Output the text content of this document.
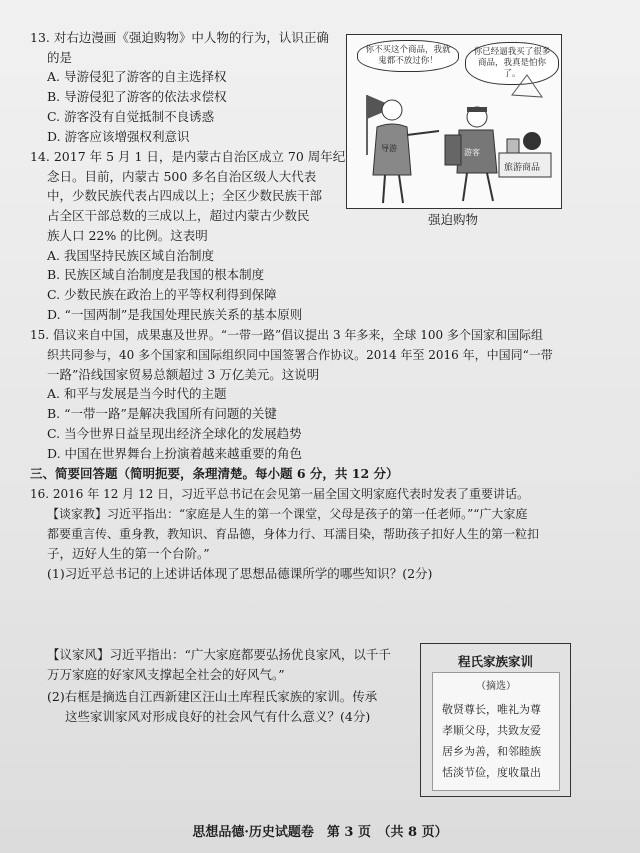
13. 对右边漫画《强迫购物》中人物的行为，认识正确
的是
A. 导游侵犯了游客的自主选择权
B. 导游侵犯了游客的依法求偿权
C. 游客没有自觉抵制不良诱惑
D. 游客应该增强权利意识
你不买这个商品，我就鬼都不放过你！
你已经逼我买了很多商品，我真是怕你了。
导游	游客
旅游商品
强迫购物
14. 2017 年 5 月 1 日，是内蒙古自治区成立 70 周年纪
念日。目前，内蒙古 500 多名自治区级人大代表
中，少数民族代表占四成以上；全区少数民族干部
占全区干部总数的三成以上，超过内蒙古少数民
族人口 22% 的比例。这表明
A. 我国坚持民族区域自治制度
B. 民族区域自治制度是我国的根本制度
C. 少数民族在政治上的平等权利得到保障
D. “一国两制”是我国处理民族关系的基本原则
15. 倡议来自中国，成果惠及世界。“一带一路”倡议提出 3 年多来，全球 100 多个国家和国际组
织共同参与，40 多个国家和国际组织同中国签署合作协议。2014 年至 2016 年，中国同“一带
一路”沿线国家贸易总额超过 3 万亿美元。这说明
A. 和平与发展是当今时代的主题
B. “一带一路”是解决我国所有问题的关键
C. 当今世界日益呈现出经济全球化的发展趋势
D. 中国在世界舞台上扮演着越来越重要的角色
三、简要回答题（简明扼要，条理清楚。每小题 6 分，共 12 分）
16. 2016 年 12 月 12 日，习近平总书记在会见第一届全国文明家庭代表时发表了重要讲话。
【谈家教】习近平指出：“家庭是人生的第一个课堂，父母是孩子的第一任老师。”“广大家庭
都要重言传、重身教，教知识、育品德，身体力行、耳濡目染，帮助孩子扣好人生的第一粒扣
子，迈好人生的第一个台阶。”
(1)习近平总书记的上述讲话体现了思想品德课所学的哪些知识？(2分)
【议家风】习近平指出：“广大家庭都要弘扬优良家风，以千千
万万家庭的好家风支撑起全社会的好风气。”
(2)右框是摘选自江西新建区汪山土库程氏家族的家训。传承
这些家训家风对形成良好的社会风气有什么意义？(4分)
程氏家族家训
（摘选）
敬贤尊长，唯礼为尊
孝顺父母，共致友爱
居乡为善，和邻睦族
恬淡节俭，度收量出
思想品德·历史试题卷　第 3 页　（共 8 页）
